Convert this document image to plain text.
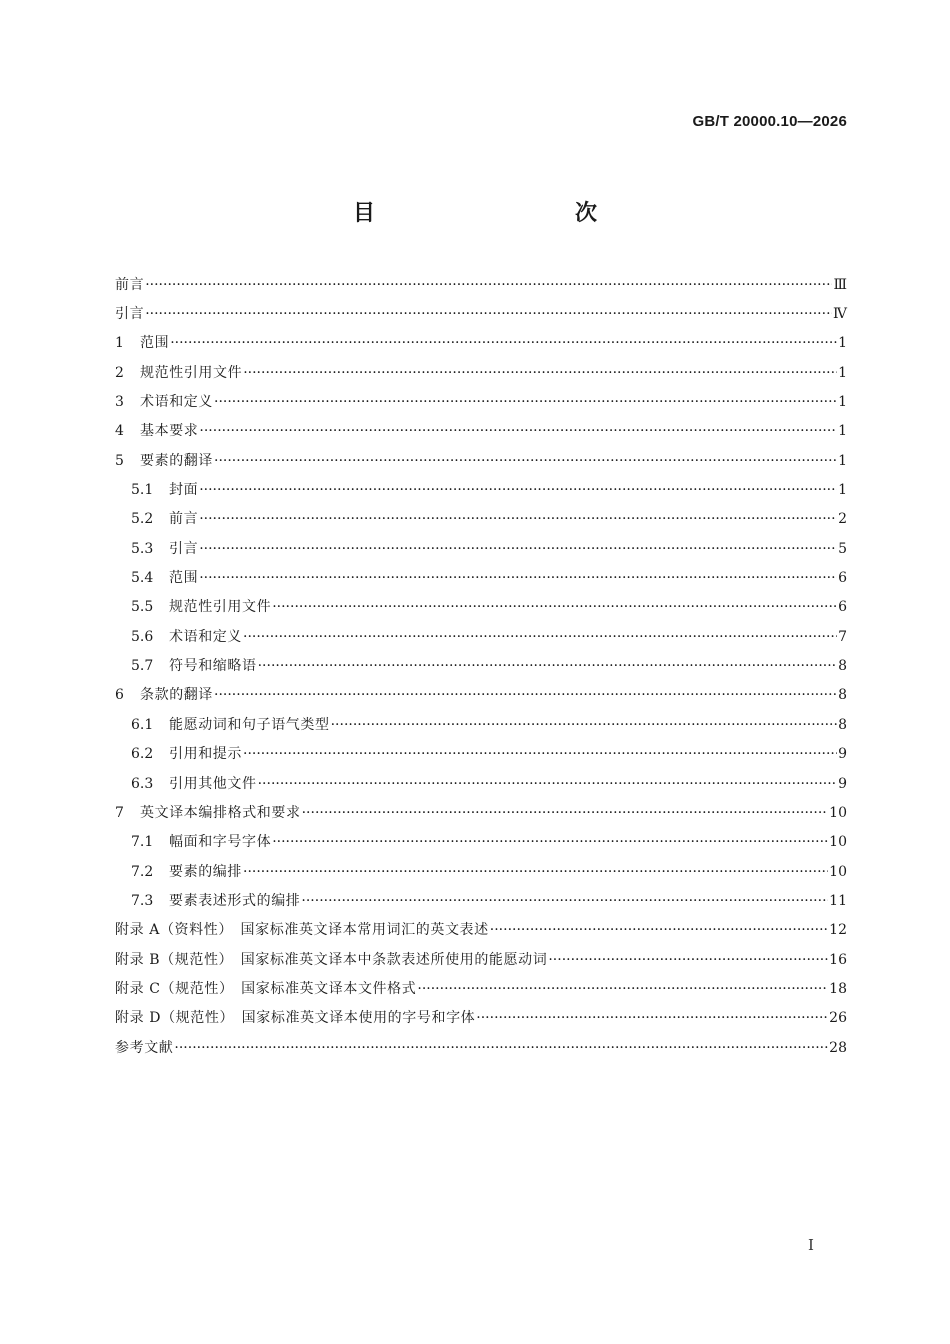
GB/T 20000.10—2026
目　　次
前言 ·····	Ⅲ
引言 ·····	Ⅳ
1	范围 ·····	1
2	规范性引用文件 ·····	1
3	术语和定义 ·····	1
4	基本要求 ·····	1
5	要素的翻译 ·····	1
5.1	封面 ·····	1
5.2	前言 ·····	2
5.3	引言 ·····	5
5.4	范围 ·····	6
5.5	规范性引用文件 ·····	6
5.6	术语和定义 ·····	7
5.7	符号和缩略语 ·····	8
6	条款的翻译 ·····	8
6.1	能愿动词和句子语气类型 ·····	8
6.2	引用和提示 ·····	9
6.3	引用其他文件 ·····	9
7	英文译本编排格式和要求 ·····	10
7.1	幅面和字号字体 ·····	10
7.2	要素的编排 ·····	10
7.3	要素表述形式的编排 ·····	11
附录 A（资料性）　国家标准英文译本常用词汇的英文表述 ·····	12
附录 B（规范性）　国家标准英文译本中条款表述所使用的能愿动词 ·····	16
附录 C（规范性）　国家标准英文译本文件格式 ·····	18
附录 D（规范性）　国家标准英文译本使用的字号和字体 ·····	26
参考文献 ·····	28
Ⅰ
